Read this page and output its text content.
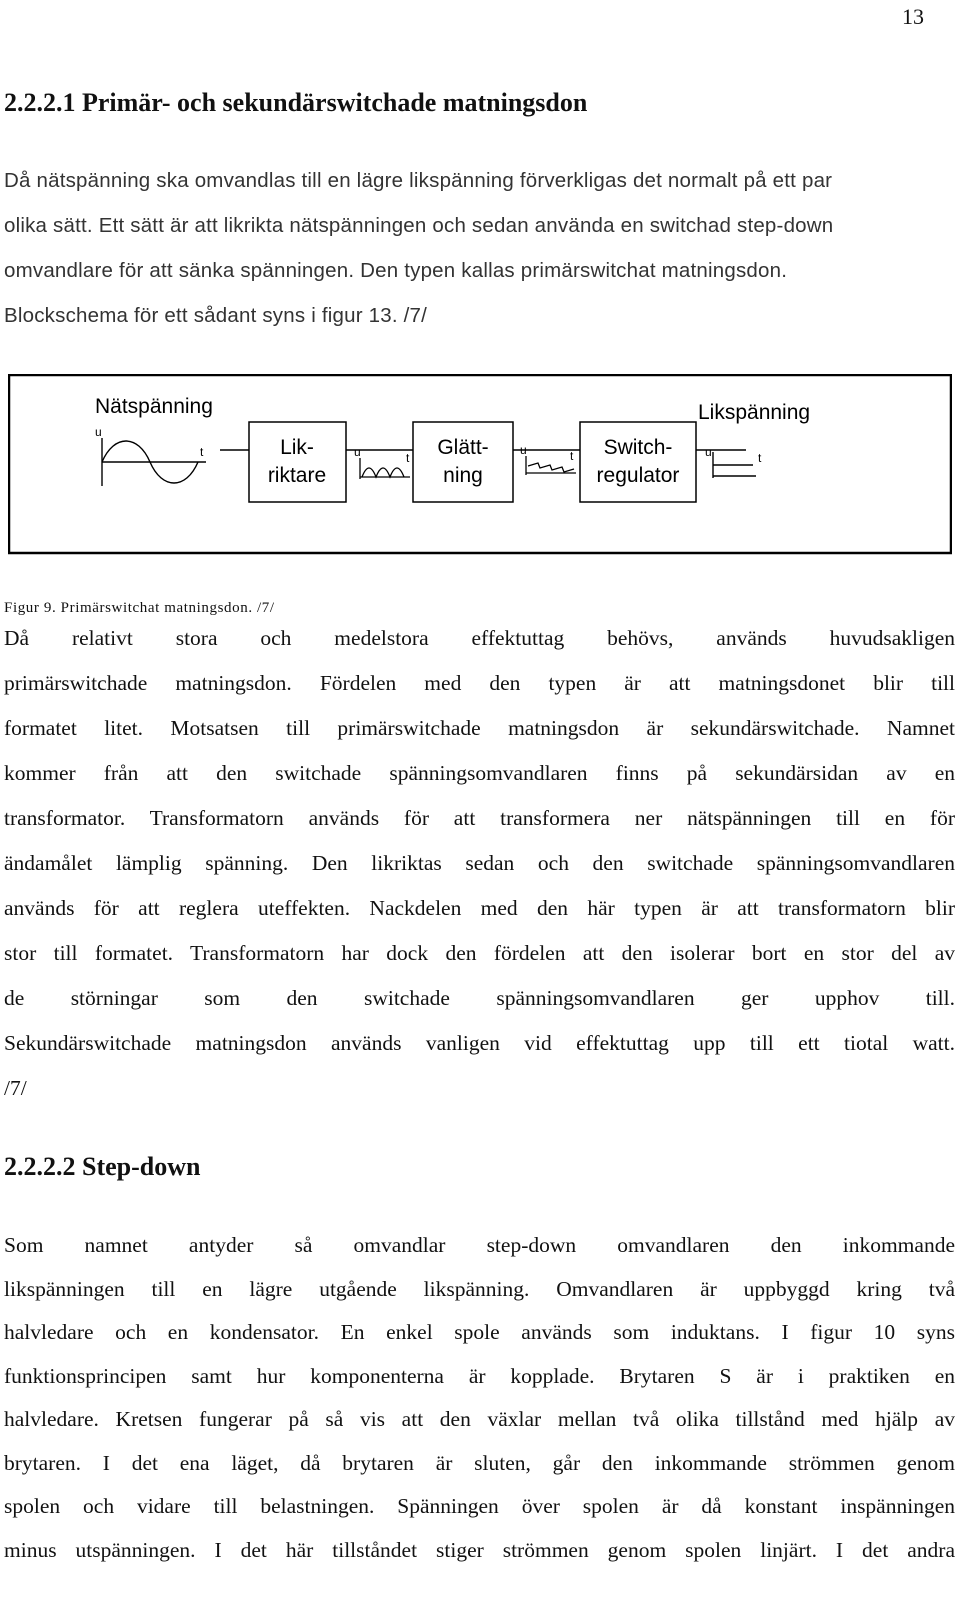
13
2.2.2.1 Primär- och sekundärswitchade matningsdon
Då nätspänning ska omvandlas till en lägre likspänning förverkligas det normalt på ett par
olika sätt. Ett sätt är att likrikta nätspänningen och sedan använda en switchad step-down
omvandlare för att sänka spänningen. Den typen kallas primärswitchat matningsdon.
Blockschema för ett sådant syns i figur 13. /7/
Nätspänning	Likspänning
u
t	Lik-
riktare
u	t Glätt-
ning
u	t Switch-
regulator
u	t
Figur 9. Primärswitchat matningsdon. /7/
Då relativt stora och medelstora effektuttag behövs, används huvudsakligen
primärswitchade matningsdon. Fördelen med den typen är att matningsdonet blir till
formatet litet. Motsatsen till primärswitchade matningsdon är sekundärswitchade. Namnet
kommer från att den switchade spänningsomvandlaren finns på sekundärsidan av en
transformator. Transformatorn används för att transformera ner nätspänningen till en för
ändamålet lämplig spänning. Den likriktas sedan och den switchade spänningsomvandlaren
används för att reglera uteffekten. Nackdelen med den här typen är att transformatorn blir
stor till formatet. Transformatorn har dock den fördelen att den isolerar bort en stor del av
de störningar som den switchade spänningsomvandlaren ger upphov till.
Sekundärswitchade matningsdon används vanligen vid effektuttag upp till ett tiotal watt.
/7/
2.2.2.2 Step-down
Som namnet antyder så omvandlar step-down omvandlaren den inkommande
likspänningen till en lägre utgående likspänning. Omvandlaren är uppbyggd kring två
halvledare och en kondensator. En enkel spole används som induktans. I figur 10 syns
funktionsprincipen samt hur komponenterna är kopplade. Brytaren S är i praktiken en
halvledare. Kretsen fungerar på så vis att den växlar mellan två olika tillstånd med hjälp av
brytaren. I det ena läget, då brytaren är sluten, går den inkommande strömmen genom
spolen och vidare till belastningen. Spänningen över spolen är då konstant inspänningen
minus utspänningen. I det här tillståndet stiger strömmen genom spolen linjärt. I det andra
